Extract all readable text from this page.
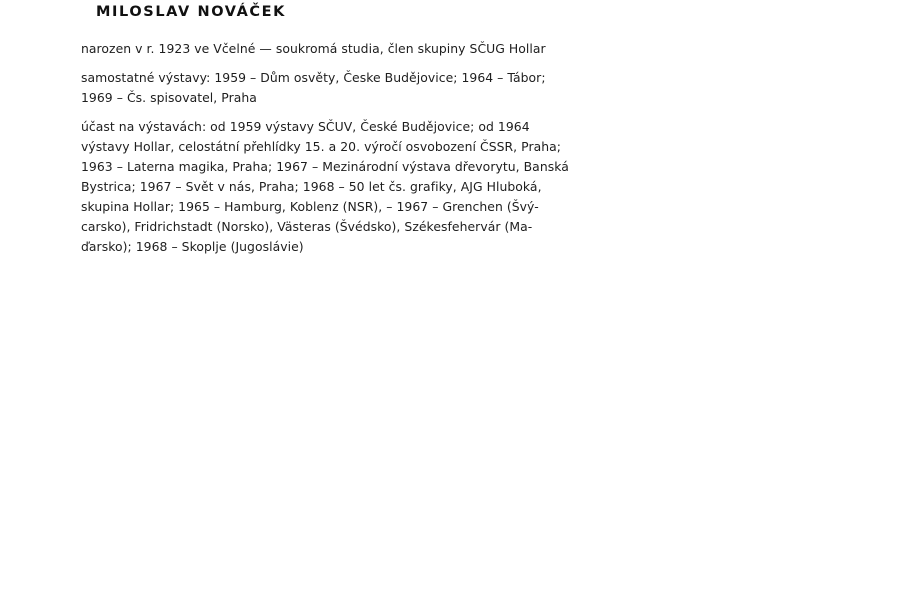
MILOSLAV NOVÁČEK

narozen v r. 1923 ve Včelné — soukromá studia, člen skupiny SČUG Hollar

samostatné výstavy: 1959 – Dům osvěty, Česke Budějovice; 1964 – Tábor;
1969 – Čs. spisovatel, Praha

účast na výstavách: od 1959 výstavy SČUV, České Budějovice; od 1964
výstavy Hollar, celostátní přehlídky 15. a 20. výročí osvobození ČSSR, Praha;
1963 – Laterna magika, Praha; 1967 – Mezinárodní výstava dřevorytu, Banská
Bystrica; 1967 – Svět v nás, Praha; 1968 – 50 let čs. grafiky, AJG Hluboká,
skupina Hollar; 1965 – Hamburg, Koblenz (NSR), – 1967 – Grenchen (Švý-
carsko), Fridrichstadt (Norsko), Västeras (Švédsko), Székesfehervár (Ma-
ďarsko); 1968 – Skoplje (Jugoslávie)
